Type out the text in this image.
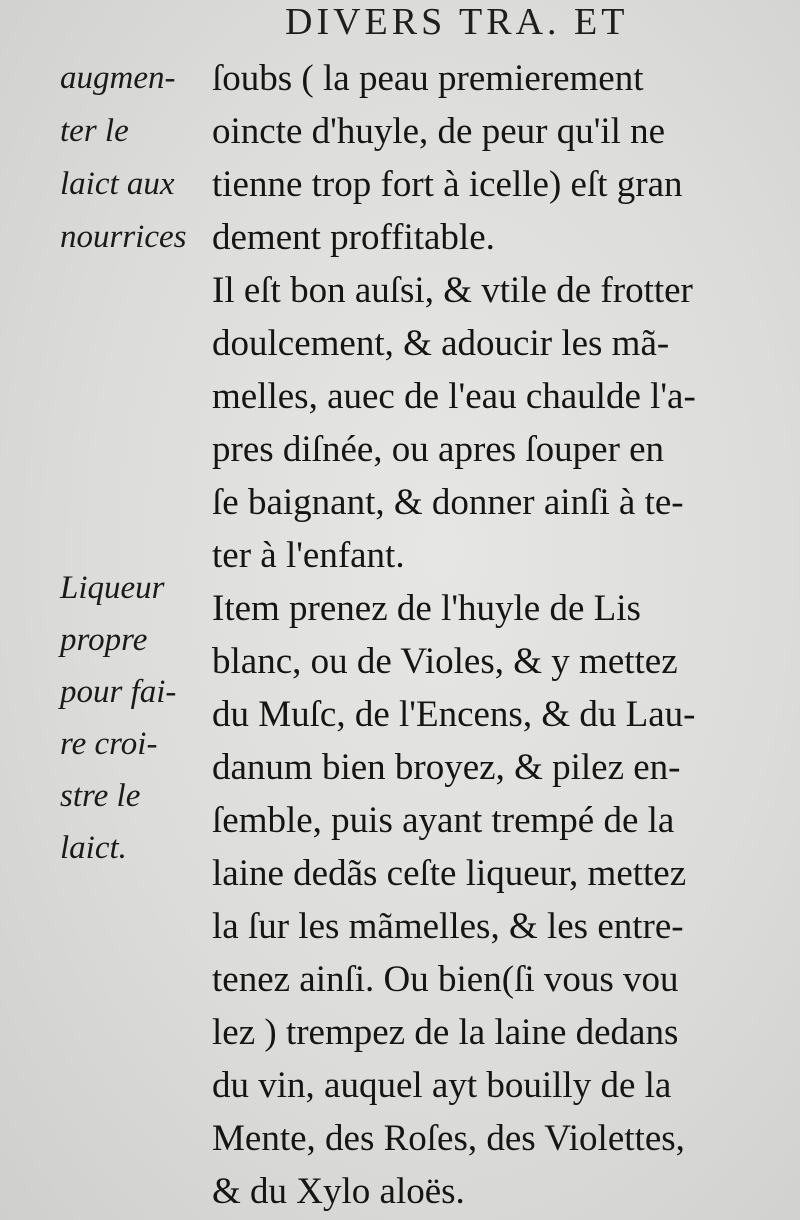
DIVERS TRA. ET
augmen-
ter le
laict aux
nourrices
Liqueur
propre
pour fai-
re croi-
stre le
laict.
ſoubs ( la peau premierement
oincte d'huyle, de peur qu'il ne
tienne trop fort à icelle) eſt gran
dement proffitable.
Il eſt bon auſsi, & vtile de frotter
doulcement, & adoucir les mã-
melles, auec de l'eau chaulde l'a-
pres diſnée, ou apres ſouper en
ſe baignant, & donner ainſi à te-
ter à l'enfant.
Item prenez de l'huyle de Lis
blanc, ou de Violes, & y mettez
du Muſc, de l'Encens, & du Lau-
danum bien broyez, & pilez en-
ſemble, puis ayant trempé de la
laine dedãs ceſte liqueur, mettez
la ſur les mãmelles, & les entre-
tenez ainſi. Ou bien(ſi vous vou
lez ) trempez de la laine dedans
du vin, auquel ayt bouilly de la
Mente, des Roſes, des Violettes,
& du Xylo aloës.
